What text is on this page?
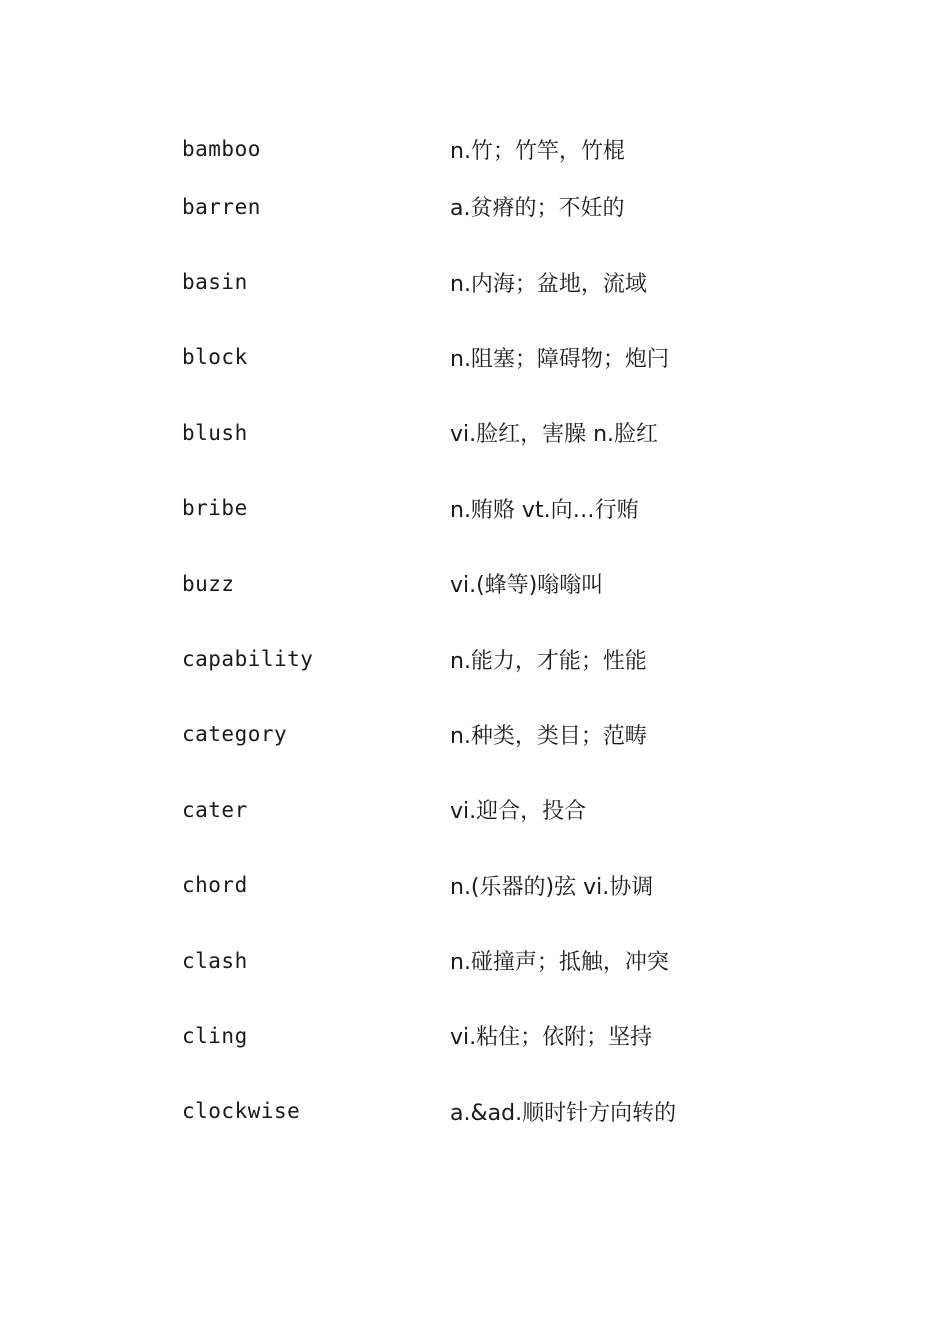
bamboo	n.竹；竹竿，竹棍
barren	a.贫瘠的；不妊的
basin	n.内海；盆地，流域
block	n.阻塞；障碍物；炮闩
blush	vi.脸红，害臊 n.脸红
bribe	n.贿赂 vt.向…行贿
buzz	vi.(蜂等)嗡嗡叫
capability	n.能力，才能；性能
category	n.种类，类目；范畴
cater	vi.迎合，投合
chord	n.(乐器的)弦 vi.协调
clash	n.碰撞声；抵触，冲突
cling	vi.粘住；依附；坚持
clockwise	a.&ad.顺时针方向转的
